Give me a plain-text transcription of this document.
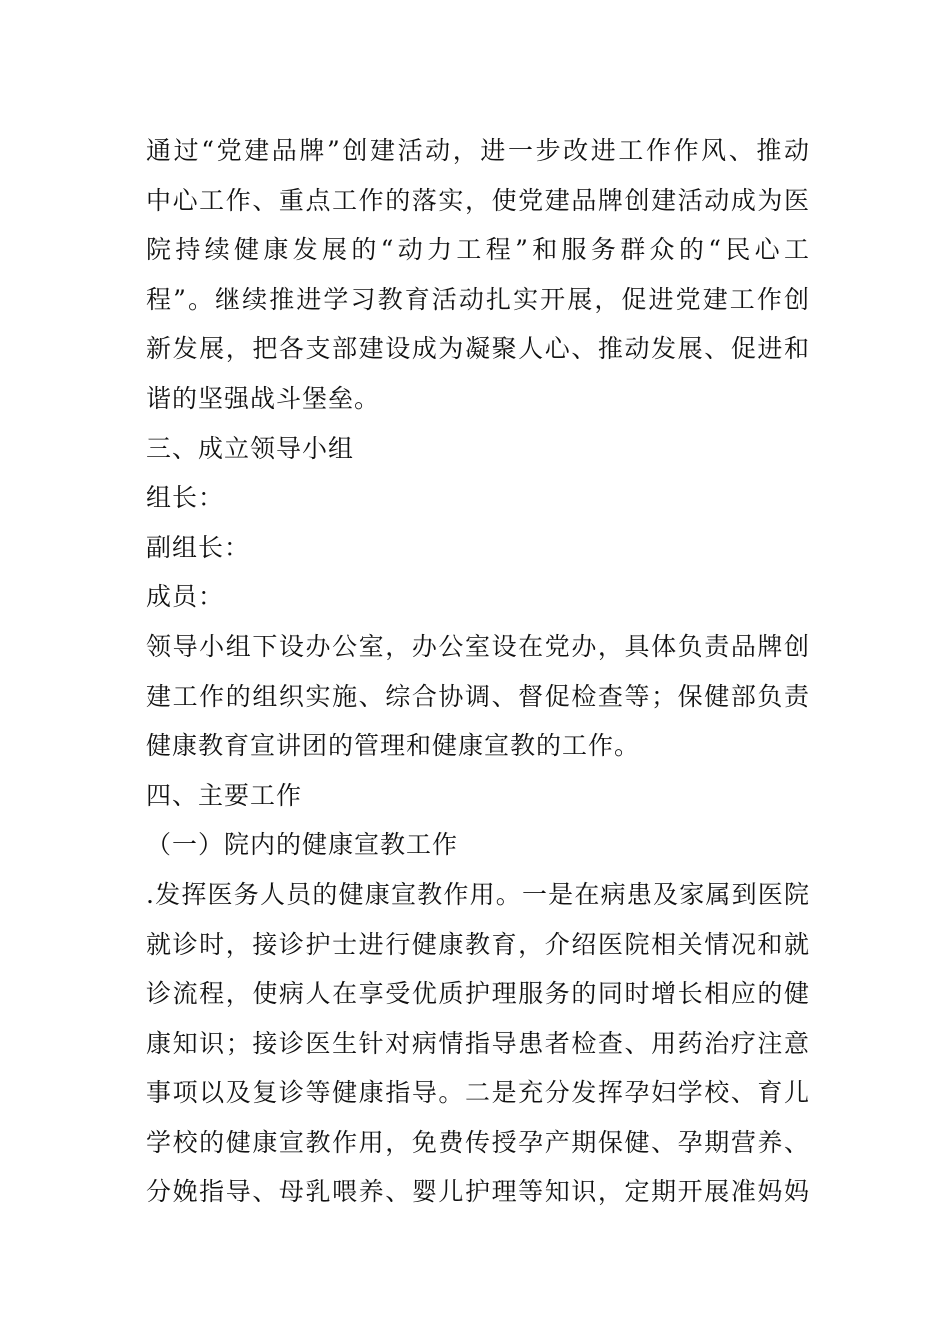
通过“党建品牌”创建活动，进一步改进工作作风、推动
中心工作、重点工作的落实，使党建品牌创建活动成为医
院持续健康发展的“动力工程”和服务群众的“民心工
程”。继续推进学习教育活动扎实开展，促进党建工作创
新发展，把各支部建设成为凝聚人心、推动发展、促进和
谐的坚强战斗堡垒。
三、成立领导小组
组长：
副组长：
成员：
领导小组下设办公室，办公室设在党办，具体负责品牌创
建工作的组织实施、综合协调、督促检查等；保健部负责
健康教育宣讲团的管理和健康宣教的工作。
四、主要工作
（一）院内的健康宣教工作
.发挥医务人员的健康宣教作用。一是在病患及家属到医院
就诊时，接诊护士进行健康教育，介绍医院相关情况和就
诊流程，使病人在享受优质护理服务的同时增长相应的健
康知识；接诊医生针对病情指导患者检查、用药治疗注意
事项以及复诊等健康指导。二是充分发挥孕妇学校、育儿
学校的健康宣教作用，免费传授孕产期保健、孕期营养、
分娩指导、母乳喂养、婴儿护理等知识，定期开展准妈妈
